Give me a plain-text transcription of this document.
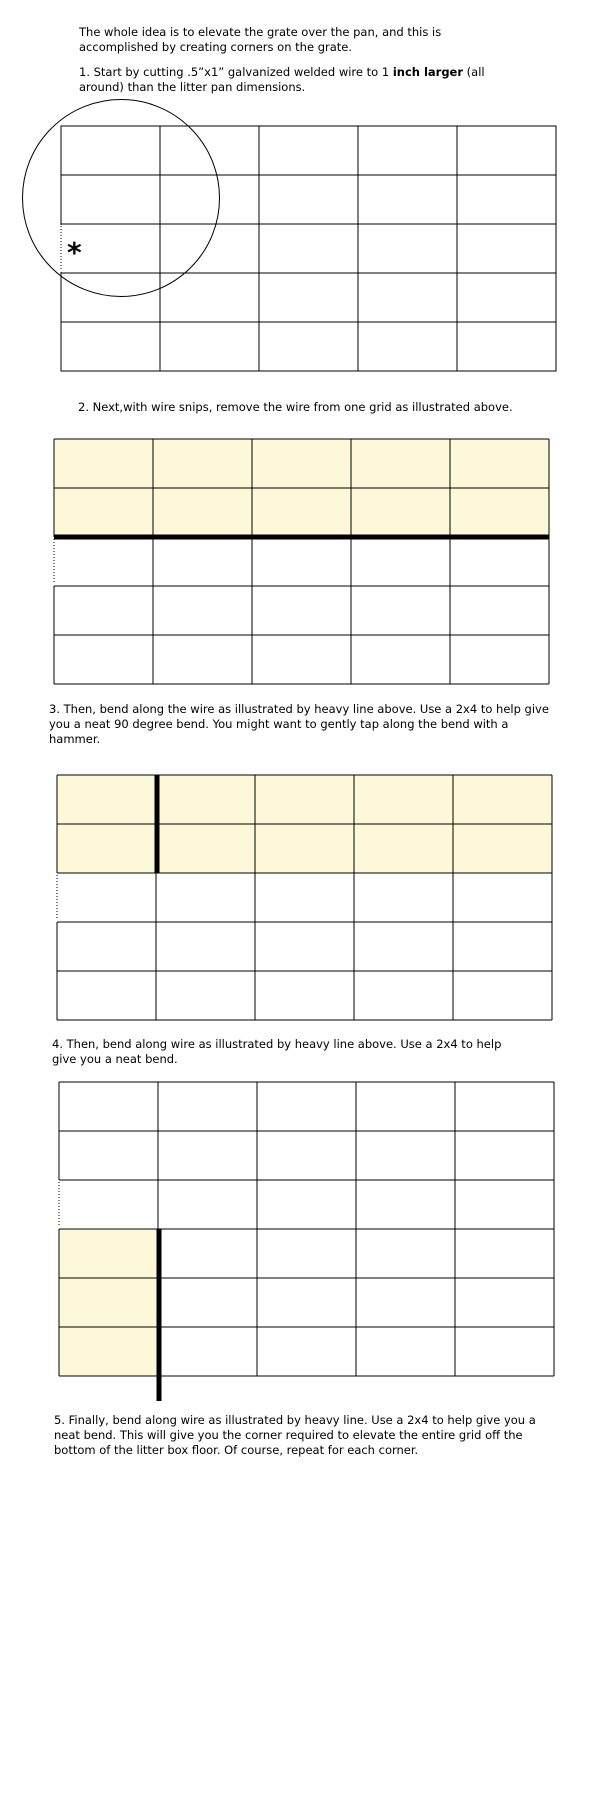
The whole idea is to elevate the grate over the pan, and this is
accomplished by creating corners on the grate.
1. Start by cutting .5”x1” galvanized welded wire to 1 inch larger (all
around) than the litter pan dimensions.
2. Next,with wire snips, remove the wire from one grid as illustrated above.
3. Then, bend along the wire as illustrated by heavy line above. Use a 2x4 to help give
you a neat 90 degree bend. You might want to gently tap along the bend with a
hammer.
4. Then, bend along wire as illustrated by heavy line above. Use a 2x4 to help
give you a neat bend.
5. Finally, bend along wire as illustrated by heavy line. Use a 2x4 to help give you a
neat bend. This will give you the corner required to elevate the entire grid off the
bottom of the litter box floor. Of course, repeat for each corner.
*
